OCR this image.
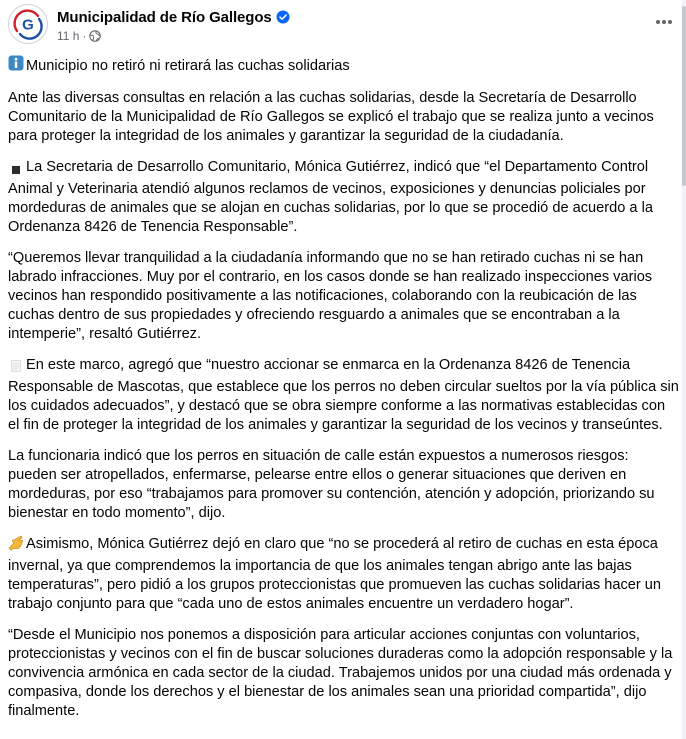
G Municipalidad de Río Gallegos
11 h ·
Municipio no retiró ni retirará las cuchas solidarias

Ante las diversas consultas en relación a las cuchas solidarias, desde la Secretaría de Desarrollo Comunitario de la Municipalidad de Río Gallegos se explicó el trabajo que se realiza junto a vecinos para proteger la integridad de los animales y garantizar la seguridad de la ciudadanía.

La Secretaria de Desarrollo Comunitario, Mónica Gutiérrez, indicó que “el Departamento Control Animal y Veterinaria atendió algunos reclamos de vecinos, exposiciones y denuncias policiales por mordeduras de animales que se alojan en cuchas solidarias, por lo que se procedió de acuerdo a la Ordenanza 8426 de Tenencia Responsable”.

“Queremos llevar tranquilidad a la ciudadanía informando que no se han retirado cuchas ni se han labrado infracciones. Muy por el contrario, en los casos donde se han realizado inspecciones varios vecinos han respondido positivamente a las notificaciones, colaborando con la reubicación de las cuchas dentro de sus propiedades y ofreciendo resguardo a animales que se encontraban a la intemperie”, resaltó Gutiérrez.

En este marco, agregó que “nuestro accionar se enmarca en la Ordenanza 8426 de Tenencia Responsable de Mascotas, que establece que los perros no deben circular sueltos por la vía pública sin los cuidados adecuados”, y destacó que se obra siempre conforme a las normativas establecidas con el fin de proteger la integridad de los animales y garantizar la seguridad de los vecinos y transeúntes.

La funcionaria indicó que los perros en situación de calle están expuestos a numerosos riesgos: pueden ser atropellados, enfermarse, pelearse entre ellos o generar situaciones que deriven en mordeduras, por eso “trabajamos para promover su contención, atención y adopción, priorizando su bienestar en todo momento”, dijo.

Asimismo, Mónica Gutiérrez dejó en claro que “no se procederá al retiro de cuchas en esta época invernal, ya que comprendemos la importancia de que los animales tengan abrigo ante las bajas temperaturas”, pero pidió a los grupos proteccionistas que promueven las cuchas solidarias hacer un trabajo conjunto para que “cada uno de estos animales encuentre un verdadero hogar”.

“Desde el Municipio nos ponemos a disposición para articular acciones conjuntas con voluntarios, proteccionistas y vecinos con el fin de buscar soluciones duraderas como la adopción responsable y la convivencia armónica en cada sector de la ciudad. Trabajemos unidos por una ciudad más ordenada y compasiva, donde los derechos y el bienestar de los animales sean una prioridad compartida”, dijo finalmente.
